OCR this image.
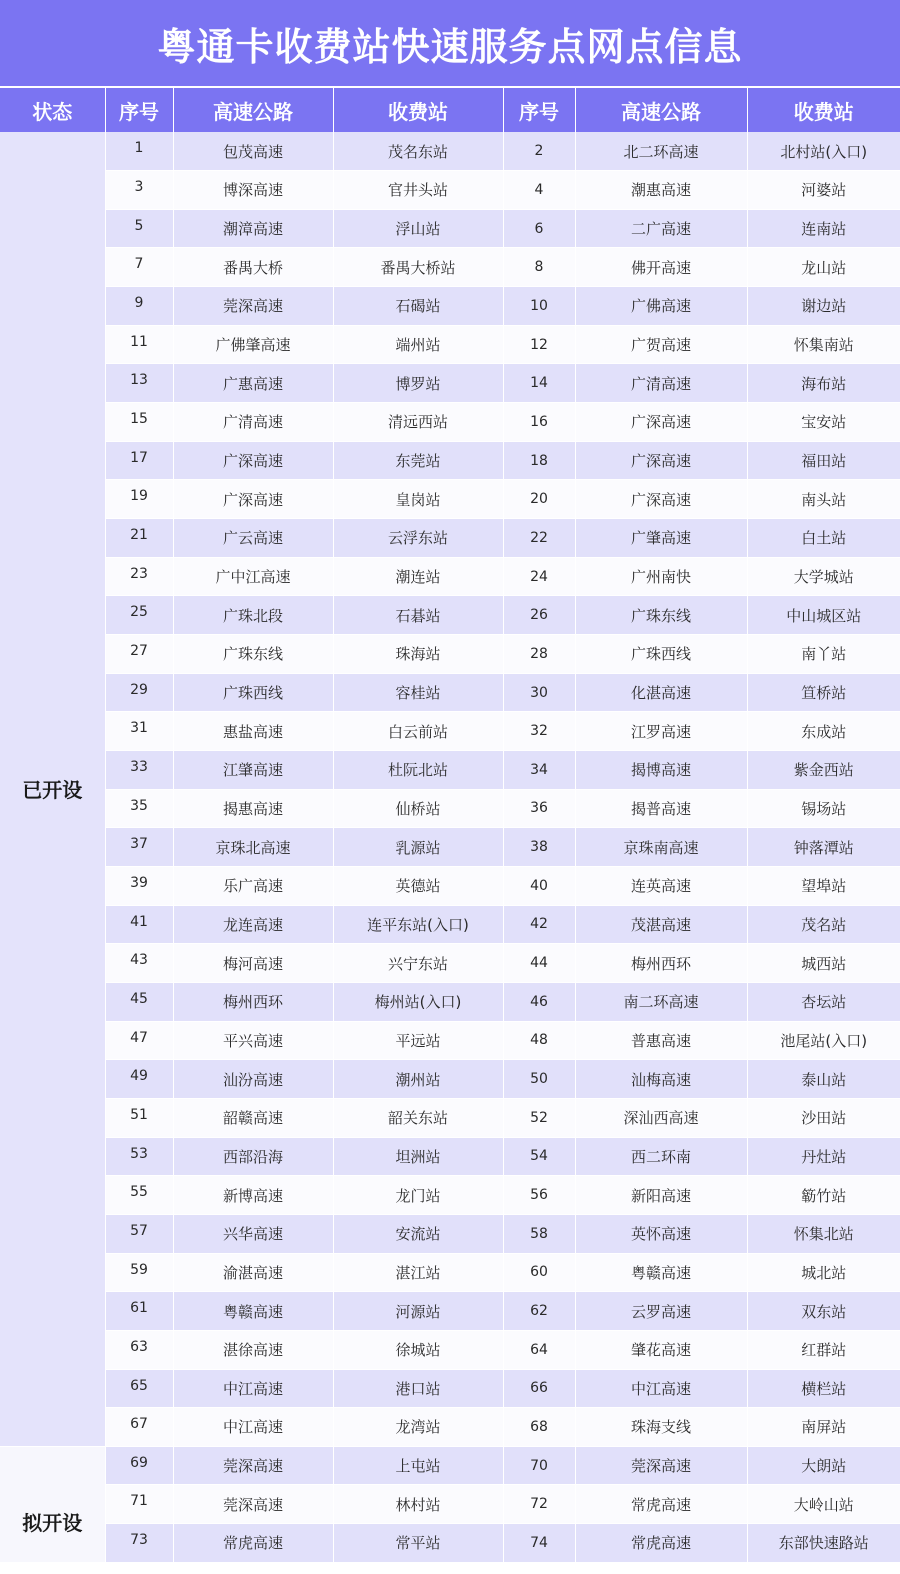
粤通卡收费站快速服务点网点信息
状态	序号	高速公路	收费站	序号	高速公路	收费站
已开设	1	包茂高速	茂名东站	2	北二环高速	北村站(入口)
	3	博深高速	官井头站	4	潮惠高速	河婆站
	5	潮漳高速	浮山站	6	二广高速	连南站
	7	番禺大桥	番禺大桥站	8	佛开高速	龙山站
	9	莞深高速	石碣站	10	广佛高速	谢边站
	11	广佛肇高速	端州站	12	广贺高速	怀集南站
	13	广惠高速	博罗站	14	广清高速	海布站
	15	广清高速	清远西站	16	广深高速	宝安站
	17	广深高速	东莞站	18	广深高速	福田站
	19	广深高速	皇岗站	20	广深高速	南头站
	21	广云高速	云浮东站	22	广肇高速	白土站
	23	广中江高速	潮连站	24	广州南快	大学城站
	25	广珠北段	石碁站	26	广珠东线	中山城区站
	27	广珠东线	珠海站	28	广珠西线	南丫站
	29	广珠西线	容桂站	30	化湛高速	笪桥站
	31	惠盐高速	白云前站	32	江罗高速	东成站
	33	江肇高速	杜阮北站	34	揭博高速	紫金西站
	35	揭惠高速	仙桥站	36	揭普高速	锡场站
	37	京珠北高速	乳源站	38	京珠南高速	钟落潭站
	39	乐广高速	英德站	40	连英高速	望埠站
	41	龙连高速	连平东站(入口)	42	茂湛高速	茂名站
	43	梅河高速	兴宁东站	44	梅州西环	城西站
	45	梅州西环	梅州站(入口)	46	南二环高速	杏坛站
	47	平兴高速	平远站	48	普惠高速	池尾站(入口)
	49	汕汾高速	潮州站	50	汕梅高速	泰山站
	51	韶赣高速	韶关东站	52	深汕西高速	沙田站
	53	西部沿海	坦洲站	54	西二环南	丹灶站
	55	新博高速	龙门站	56	新阳高速	簕竹站
	57	兴华高速	安流站	58	英怀高速	怀集北站
	59	渝湛高速	湛江站	60	粤赣高速	城北站
	61	粤赣高速	河源站	62	云罗高速	双东站
	63	湛徐高速	徐城站	64	肇花高速	红群站
	65	中江高速	港口站	66	中江高速	横栏站
	67	中江高速	龙湾站	68	珠海支线	南屏站
拟开设	69	莞深高速	上屯站	70	莞深高速	大朗站
	71	莞深高速	林村站	72	常虎高速	大岭山站
	73	常虎高速	常平站	74	常虎高速	东部快速路站
